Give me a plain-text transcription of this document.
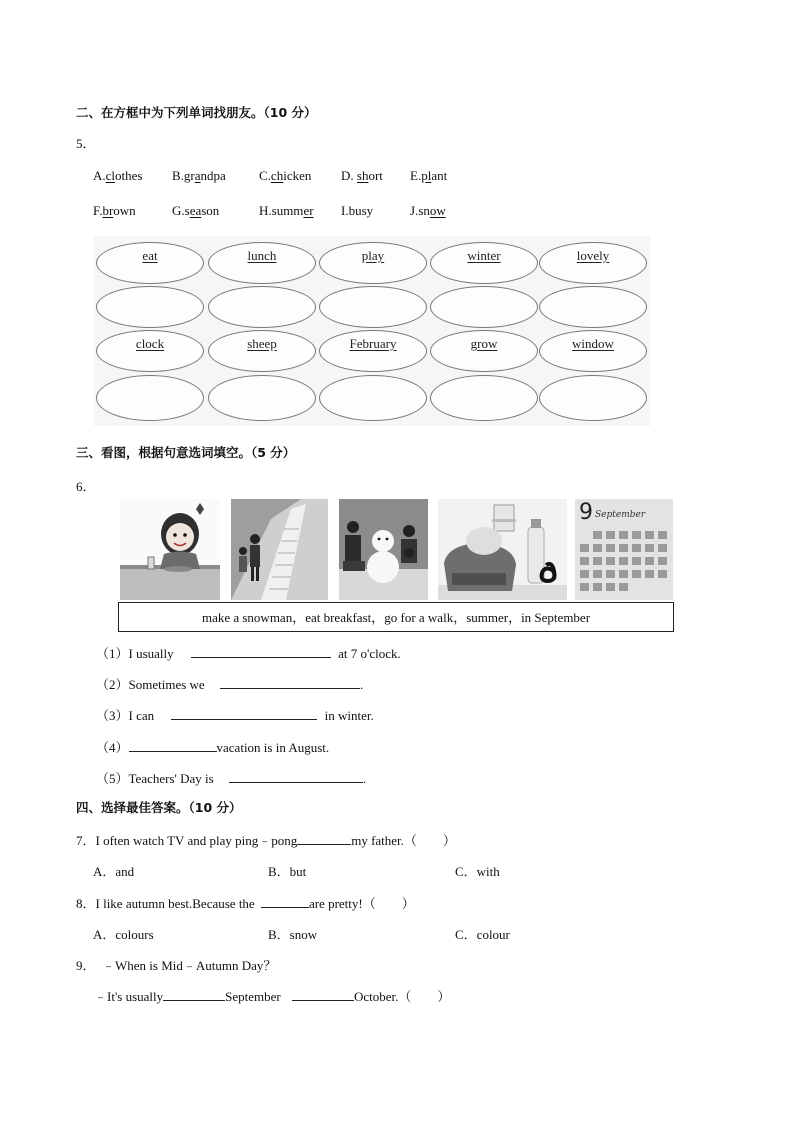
二、在方框中为下列单词找朋友。（10 分）
5．
A.clothes B.grandpa	C.chicken D. short E.plant
F.brown	G.season	H.summer I.busy	J.snow
eat	lunch	play	winter	lovely
clock	sheep	February	grow	window
三、看图，根据句意选词填空。（5 分）
6．
9 September
make a snowman，eat breakfast，go for a walk，summer，in September
（1）I usually	at 7 o'clock.
（2）Sometimes we	.
（3）I can	in winter.
（4）	vacation is in August.
（5）Teachers' Day is	.
四、选择最佳答案。（10 分）
7．I often watch TV and play ping﹣pong	my father.（　　）
A．and	B．but	C．with
8．I like autumn best.Because the	are pretty!（　　）
A．colours	B．snow	C．colour
9．　﹣When is Mid﹣Autumn Day？
﹣It's usually	September	October.（　　）
